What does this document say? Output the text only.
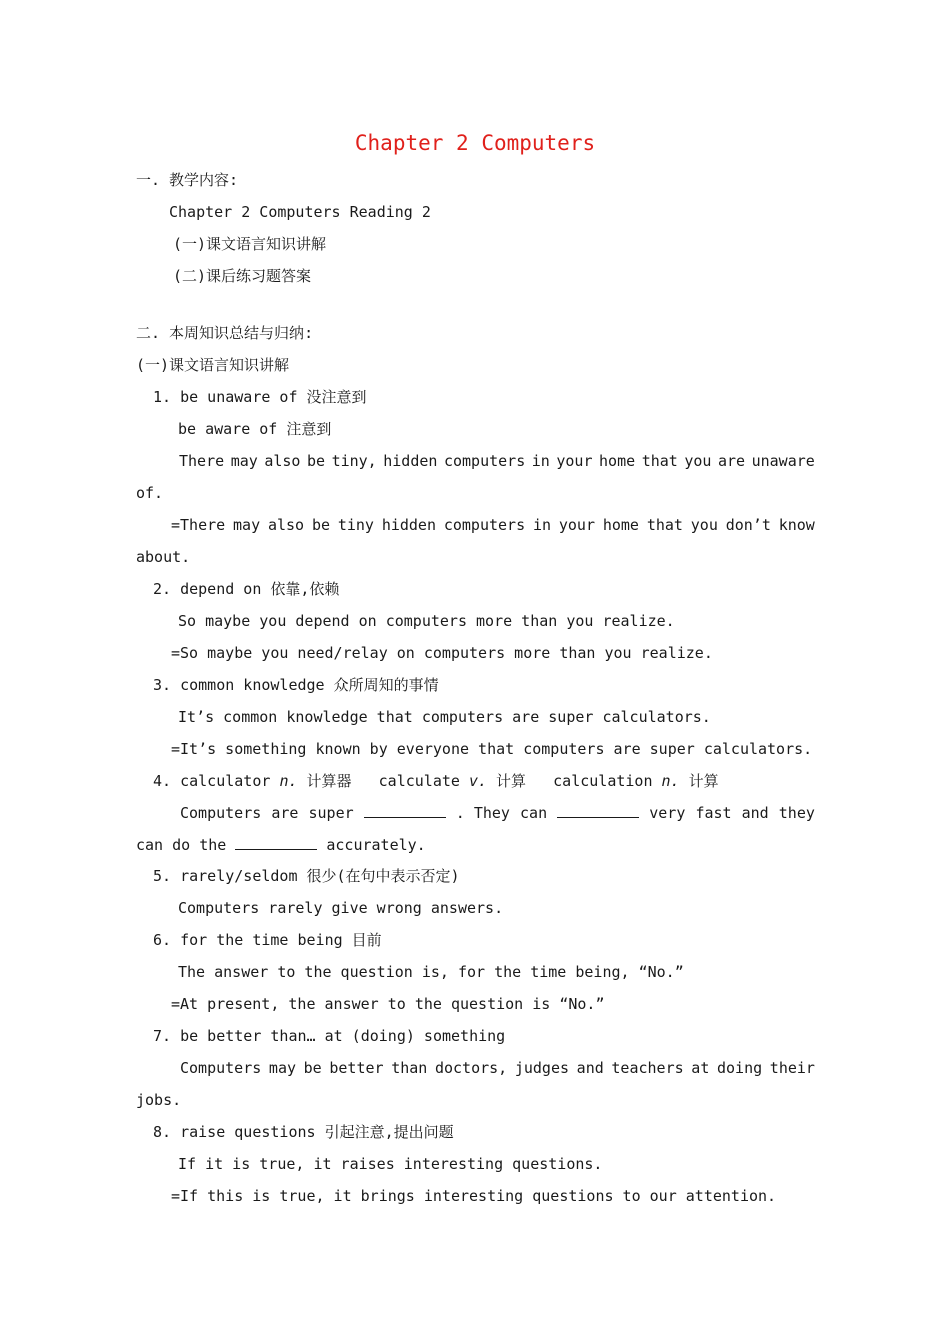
Chapter 2 Computers
一. 教学内容:
Chapter 2 Computers Reading 2
(一)课文语言知识讲解
(二)课后练习题答案
二. 本周知识总结与归纳:
(一)课文语言知识讲解
1. be unaware of 没注意到
be aware of 注意到
There may also be tiny, hidden computers in your home that you are unaware
of.
=There may also be tiny hidden computers in your home that you don’t know
about.
2. depend on 依靠,依赖
So maybe you depend on computers more than you realize.
=So maybe you need/relay on computers more than you realize.
3. common knowledge 众所周知的事情
It’s common knowledge that computers are super calculators.
=It’s something known by everyone that computers are super calculators.
4. calculator n. 计算器 calculate v. 计算 calculation n. 计算
Computers are super	. They can	very fast and they
can do the	accurately.
5. rarely/seldom 很少(在句中表示否定)
Computers rarely give wrong answers.
6. for the time being 目前
The answer to the question is, for the time being, “No.”
=At present, the answer to the question is “No.”
7. be better than… at (doing) something
Computers may be better than doctors, judges and teachers at doing their
jobs.
8. raise questions 引起注意,提出问题
If it is true, it raises interesting questions.
=If this is true, it brings interesting questions to our attention.
